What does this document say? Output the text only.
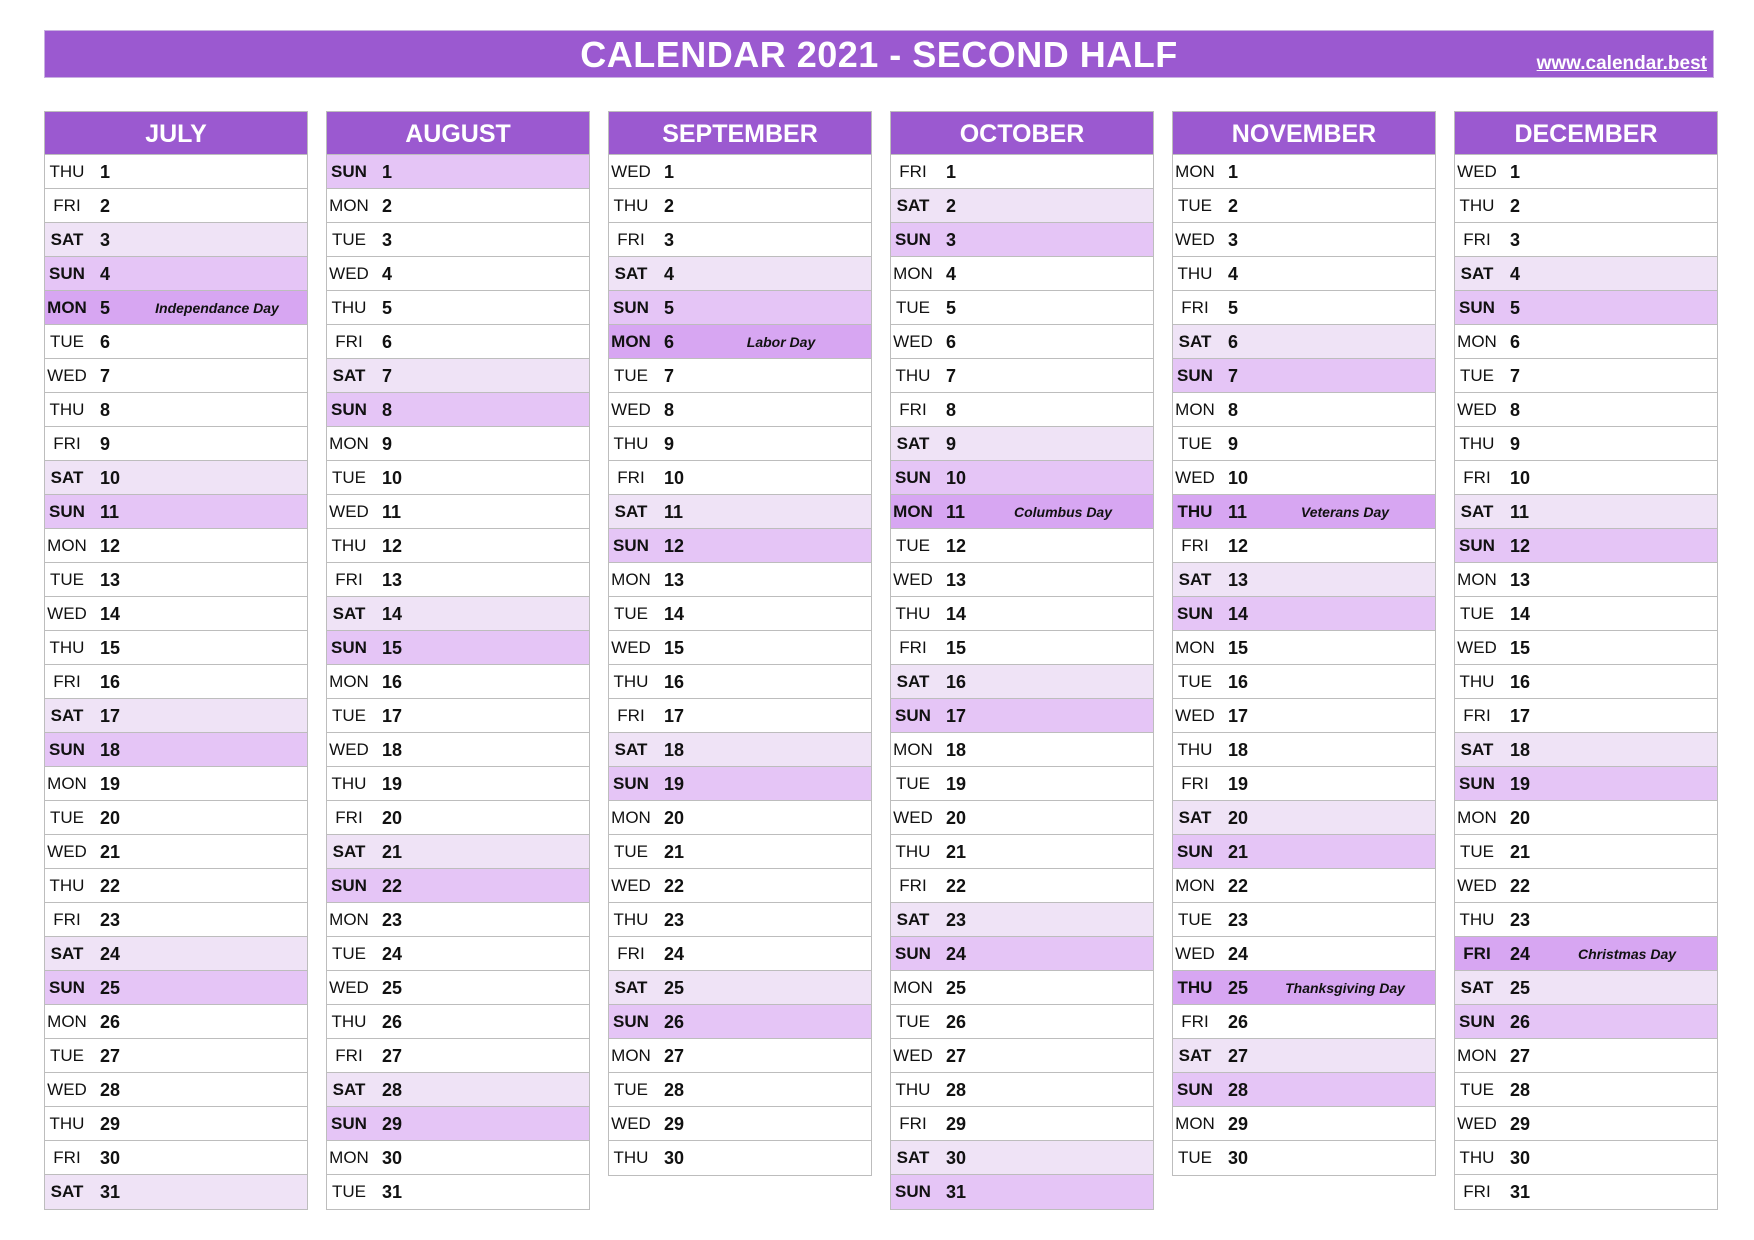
CALENDAR 2021 - SECOND HALF	www.calendar.best
JULY
THU 1
FRI	2
SAT 3
SUN 4
MON 5	Independance Day
TUE 6
WED 7
THU 8
FRI	9
SAT 10
SUN 11
MON 12
TUE 13
WED 14
THU 15
FRI	16
SAT 17
SUN 18
MON 19
TUE 20
WED 21
THU 22
FRI	23
SAT 24
SUN 25
MON 26
TUE 27
WED 28
THU 29
FRI	30
SAT 31
AUGUST
SUN 1
MON 2
TUE 3
WED 4
THU 5
FRI	6
SAT 7
SUN 8
MON 9
TUE 10
WED 11
THU 12
FRI	13
SAT 14
SUN 15
MON 16
TUE 17
WED 18
THU 19
FRI	20
SAT 21
SUN 22
MON 23
TUE 24
WED 25
THU 26
FRI	27
SAT 28
SUN 29
MON 30
TUE 31
SEPTEMBER
WED 1
THU 2
FRI	3
SAT 4
SUN 5
MON 6	Labor Day
TUE 7
WED 8
THU 9
FRI	10
SAT 11
SUN 12
MON 13
TUE 14
WED 15
THU 16
FRI	17
SAT 18
SUN 19
MON 20
TUE 21
WED 22
THU 23
FRI	24
SAT 25
SUN 26
MON 27
TUE 28
WED 29
THU 30
OCTOBER
FRI	1
SAT 2
SUN 3
MON 4
TUE 5
WED 6
THU 7
FRI	8
SAT 9
SUN 10
MON 11	Columbus Day
TUE 12
WED 13
THU 14
FRI	15
SAT 16
SUN 17
MON 18
TUE 19
WED 20
THU 21
FRI	22
SAT 23
SUN 24
MON 25
TUE 26
WED 27
THU 28
FRI	29
SAT 30
SUN 31
NOVEMBER
MON 1
TUE 2
WED 3
THU 4
FRI	5
SAT 6
SUN 7
MON 8
TUE 9
WED 10
THU 11	Veterans Day
FRI	12
SAT 13
SUN 14
MON 15
TUE 16
WED 17
THU 18
FRI	19
SAT 20
SUN 21
MON 22
TUE 23
WED 24
THU 25	Thanksgiving Day
FRI	26
SAT 27
SUN 28
MON 29
TUE 30
DECEMBER
WED 1
THU 2
FRI	3
SAT 4
SUN 5
MON 6
TUE 7
WED 8
THU 9
FRI	10
SAT 11
SUN 12
MON 13
TUE 14
WED 15
THU 16
FRI	17
SAT 18
SUN 19
MON 20
TUE 21
WED 22
THU 23
FRI	24	Christmas Day
SAT 25
SUN 26
MON 27
TUE 28
WED 29
THU 30
FRI	31
